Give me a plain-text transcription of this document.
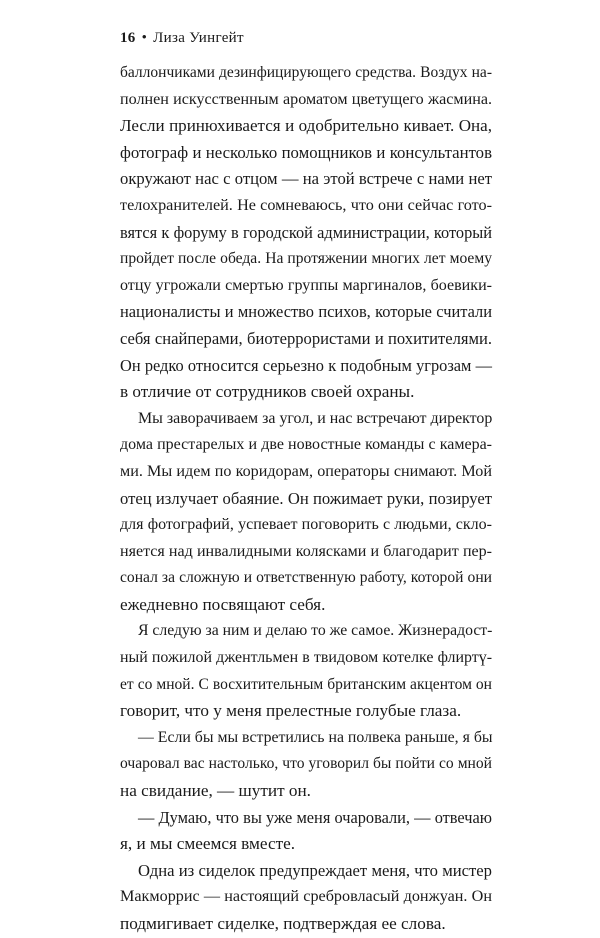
16 • Лиза Уингейт

баллончиками дезинфицирующего средства. Воздух на-
полнен искусственным ароматом цветущего жасмина.
Лесли принюхивается и одобрительно кивает. Она,
фотограф и несколько помощников и консультантов
окружают нас с отцом — на этой встрече с нами нет
телохранителей. Не сомневаюсь, что они сейчас гото-
вятся к форуму в городской администрации, который
пройдет после обеда. На протяжении многих лет моему
отцу угрожали смертью группы маргиналов, боевики-
националисты и множество психов, которые считали
себя снайперами, биотеррористами и похитителями.
Он редко относится серьезно к подобным угрозам —
в отличие от сотрудников своей охраны.

Мы заворачиваем за угол, и нас встречают директор
дома престарелых и две новостные команды с камера-
ми. Мы идем по коридорам, операторы снимают. Мой
отец излучает обаяние. Он пожимает руки, позирует
для фотографий, успевает поговорить с людьми, скло-
няется над инвалидными колясками и благодарит пер-
сонал за сложную и ответственную работу, которой они
ежедневно посвящают себя.

Я следую за ним и делаю то же самое. Жизнерадост-
ный пожилой джентльмен в твидовом котелке флиртү-
ет со мной. С восхитительным британским акцентом он
говорит, что у меня прелестные голубые глаза.

— Если бы мы встретились на полвека раньше, я бы
очаровал вас настолько, что уговорил бы пойти со мной
на свидание, — шутит он.

— Думаю, что вы уже меня очаровали, — отвечаю
я, и мы смеемся вместе.

Одна из сиделок предупреждает меня, что мистер
Макморрис — настоящий сребровласый донжуан. Он
подмигивает сиделке, подтверждая ее слова.
